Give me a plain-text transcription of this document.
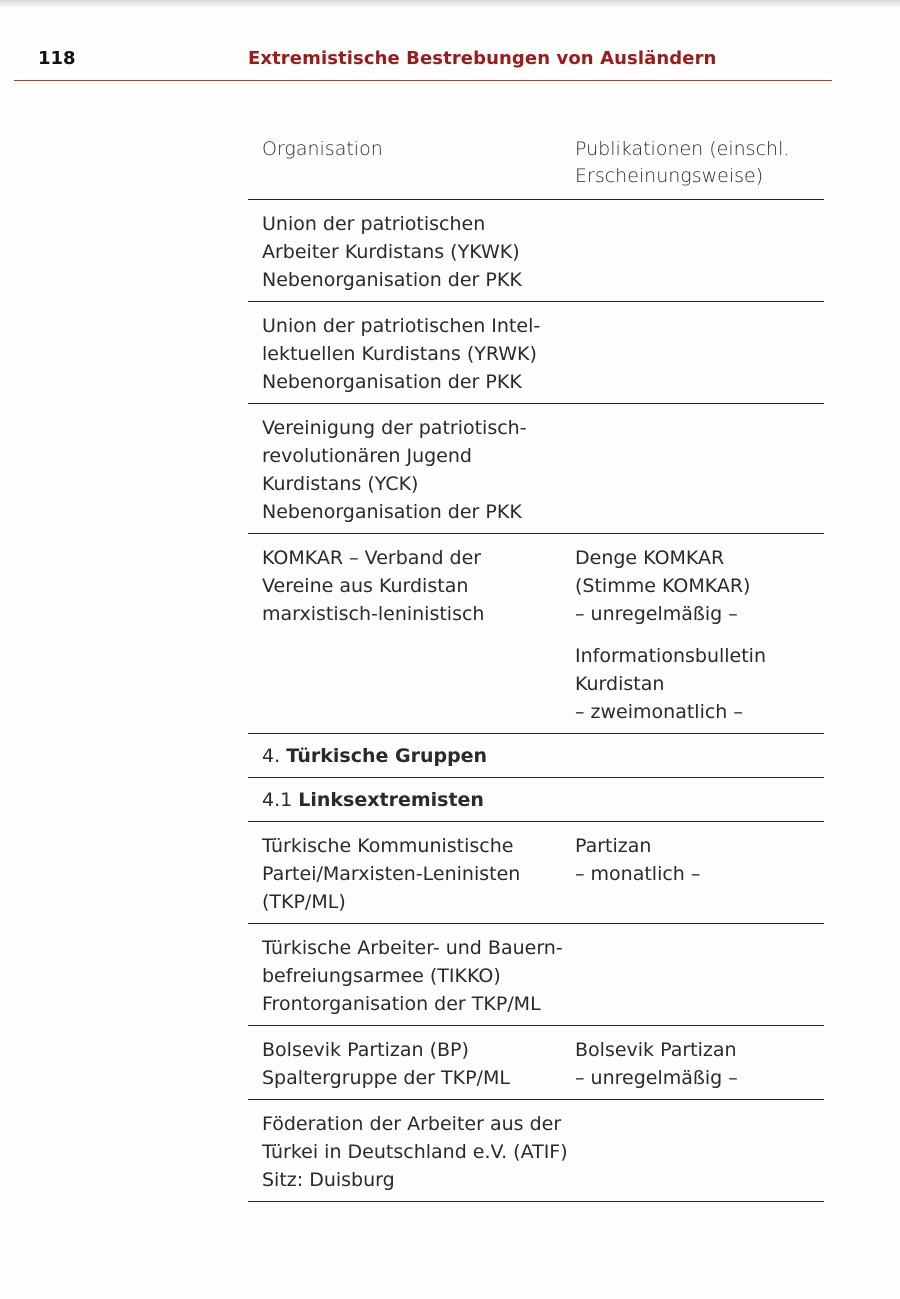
118	Extremistische Bestrebungen von Ausländern
Organisation	Publikationen (einschl.
Erscheinungsweise)
Union der patriotischen
Arbeiter Kurdistans (YKWK)
Nebenorganisation der PKK
Union der patriotischen Intel-
lektuellen Kurdistans (YRWK)
Nebenorganisation der PKK
Vereinigung der patriotisch-
revolutionären Jugend
Kurdistans (YCK)
Nebenorganisation der PKK
KOMKAR – Verband der
Vereine aus Kurdistan
marxistisch-leninistisch
Denge KOMKAR
(Stimme KOMKAR)
– unregelmäßig –
Informationsbulletin
Kurdistan
– zweimonatlich –
4. Türkische Gruppen
4.1 Linksextremisten
Türkische Kommunistische
Partei/Marxisten-Leninisten
(TKP/ML)
Partizan
– monatlich –
Türkische Arbeiter- und Bauern-
befreiungsarmee (TIKKO)
Frontorganisation der TKP/ML
Bolsevik Partizan (BP)
Spaltergruppe der TKP/ML
Bolsevik Partizan
– unregelmäßig –
Föderation der Arbeiter aus der
Türkei in Deutschland e.V. (ATIF)
Sitz: Duisburg
